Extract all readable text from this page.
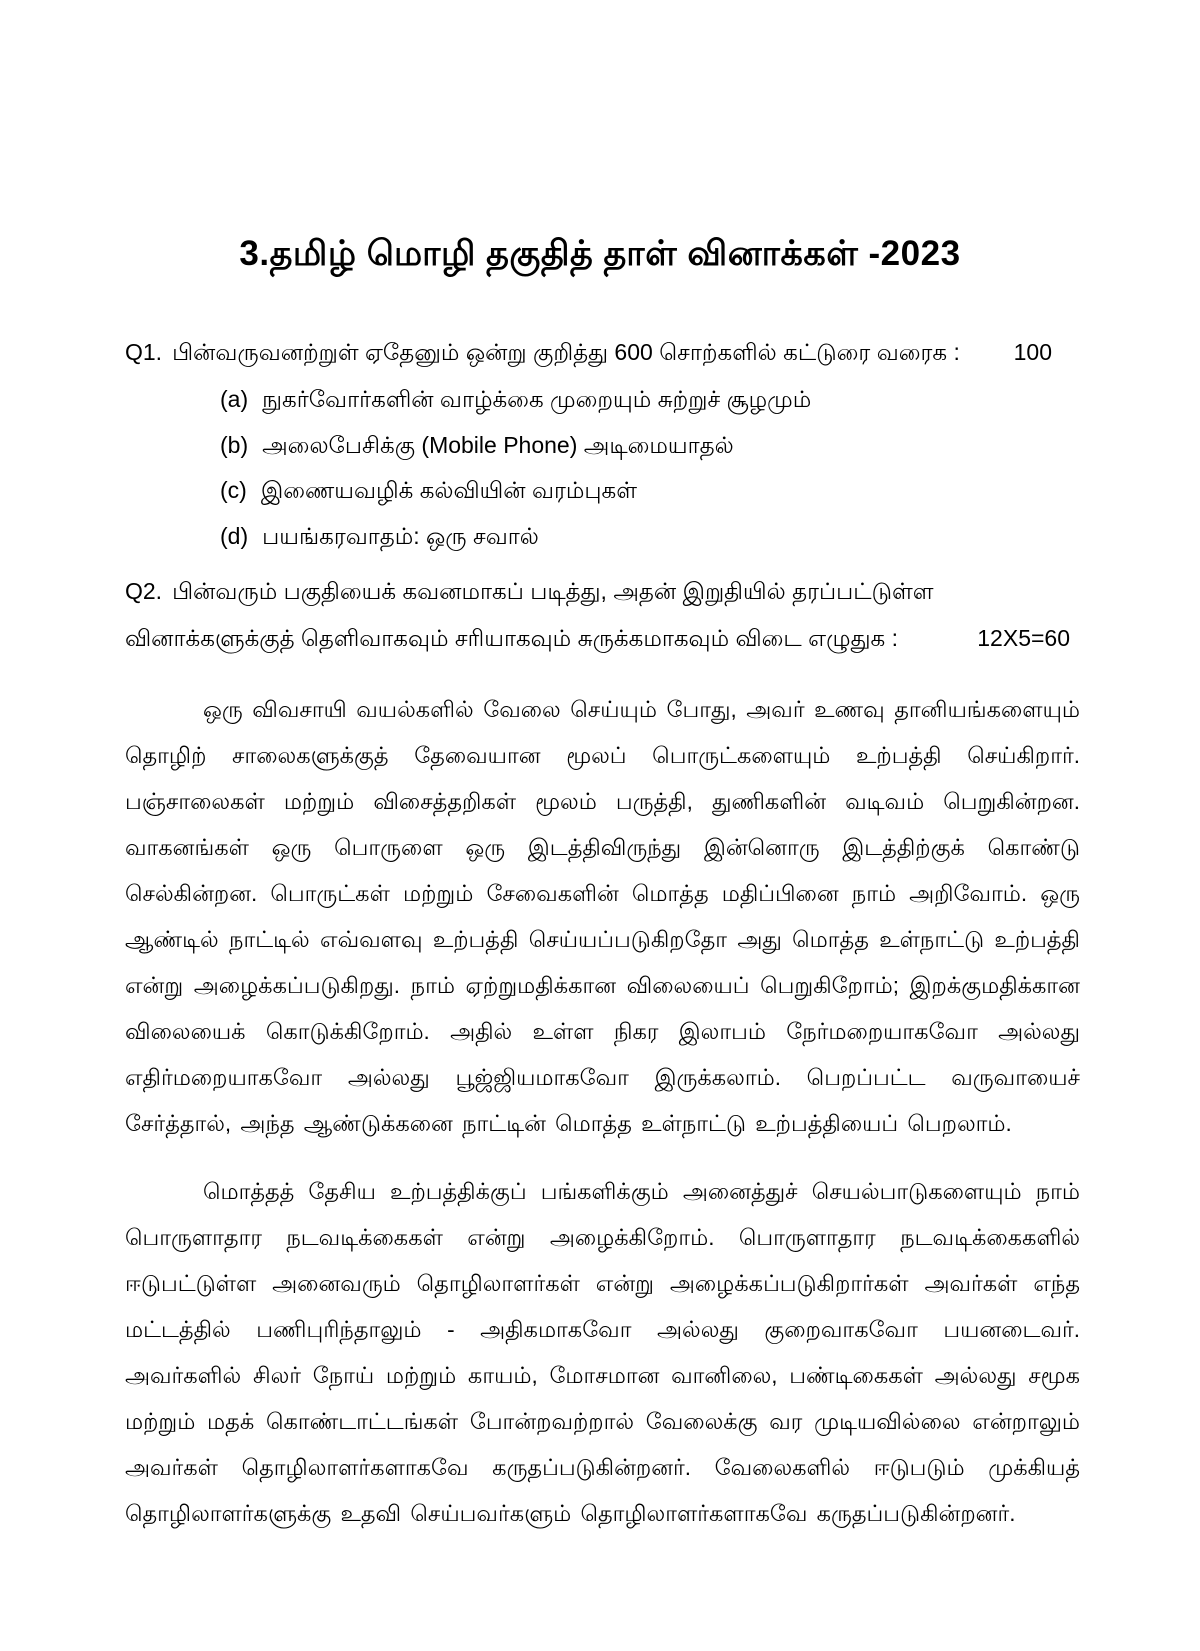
3.தமிழ் மொழி தகுதித் தாள் வினாக்கள் -2023
Q1. பின்வருவனற்றுள் ஏதேனும் ஒன்று குறித்து 600 சொற்களில் கட்டுரை வரைக :	100
(a) நுகர்வோர்களின் வாழ்க்கை முறையும் சுற்றுச் சூழமும்
(b) அலைபேசிக்கு (Mobile Phone) அடிமையாதல்
(c) இணையவழிக் கல்வியின் வரம்புகள்
(d) பயங்கரவாதம்: ஒரு சவால்
Q2. பின்வரும் பகுதியைக் கவனமாகப் படித்து, அதன் இறுதியில் தரப்பட்டுள்ள
வினாக்களுக்குத் தெளிவாகவும் சரியாகவும் சுருக்கமாகவும் விடை எழுதுக :	12X5=60

ஒரு விவசாயி வயல்களில் வேலை செய்யும் போது, அவர் உணவு தானியங்களையும் தொழிற் சாலைகளுக்குத் தேவையான மூலப் பொருட்களையும் உற்பத்தி செய்கிறார். பஞ்சாலைகள் மற்றும் விசைத்தறிகள் மூலம் பருத்தி, துணிகளின் வடிவம் பெறுகின்றன. வாகனங்கள் ஒரு பொருளை ஒரு இடத்திவிருந்து இன்னொரு இடத்திற்குக் கொண்டு செல்கின்றன. பொருட்கள் மற்றும் சேவைகளின் மொத்த மதிப்பினை நாம் அறிவோம். ஒரு ஆண்டில் நாட்டில் எவ்வளவு உற்பத்தி செய்யப்படுகிறதோ அது மொத்த உள்நாட்டு உற்பத்தி என்று அழைக்கப்படுகிறது. நாம் ஏற்றுமதிக்கான விலையைப் பெறுகிறோம்; இறக்குமதிக்கான விலையைக் கொடுக்கிறோம். அதில் உள்ள நிகர இலாபம் நேர்மறையாகவோ அல்லது எதிர்மறையாகவோ அல்லது பூஜ்ஜியமாகவோ இருக்கலாம். பெறப்பட்ட வருவாயைச் சேர்த்தால், அந்த ஆண்டுக்கனை நாட்டின் மொத்த உள்நாட்டு உற்பத்தியைப் பெறலாம்.

மொத்தத் தேசிய உற்பத்திக்குப் பங்களிக்கும் அனைத்துச் செயல்பாடுகளையும் நாம் பொருளாதார நடவடிக்கைகள் என்று அழைக்கிறோம். பொருளாதார நடவடிக்கைகளில் ஈடுபட்டுள்ள அனைவரும் தொழிலாளர்கள் என்று அழைக்கப்படுகிறார்கள் அவர்கள் எந்த மட்டத்தில் பணிபுரிந்தாலும் - அதிகமாகவோ அல்லது குறைவாகவோ பயனடைவர். அவர்களில் சிலர் நோய் மற்றும் காயம், மோசமான வானிலை, பண்டிகைகள் அல்லது சமூக மற்றும் மதக் கொண்டாட்டங்கள் போன்றவற்றால் வேலைக்கு வர முடியவில்லை என்றாலும் அவர்கள் தொழிலாளர்களாகவே கருதப்படுகின்றனர். வேலைகளில் ஈடுபடும் முக்கியத் தொழிலாளர்களுக்கு உதவி செய்பவர்களும் தொழிலாளர்களாகவே கருதப்படுகின்றனர்.
